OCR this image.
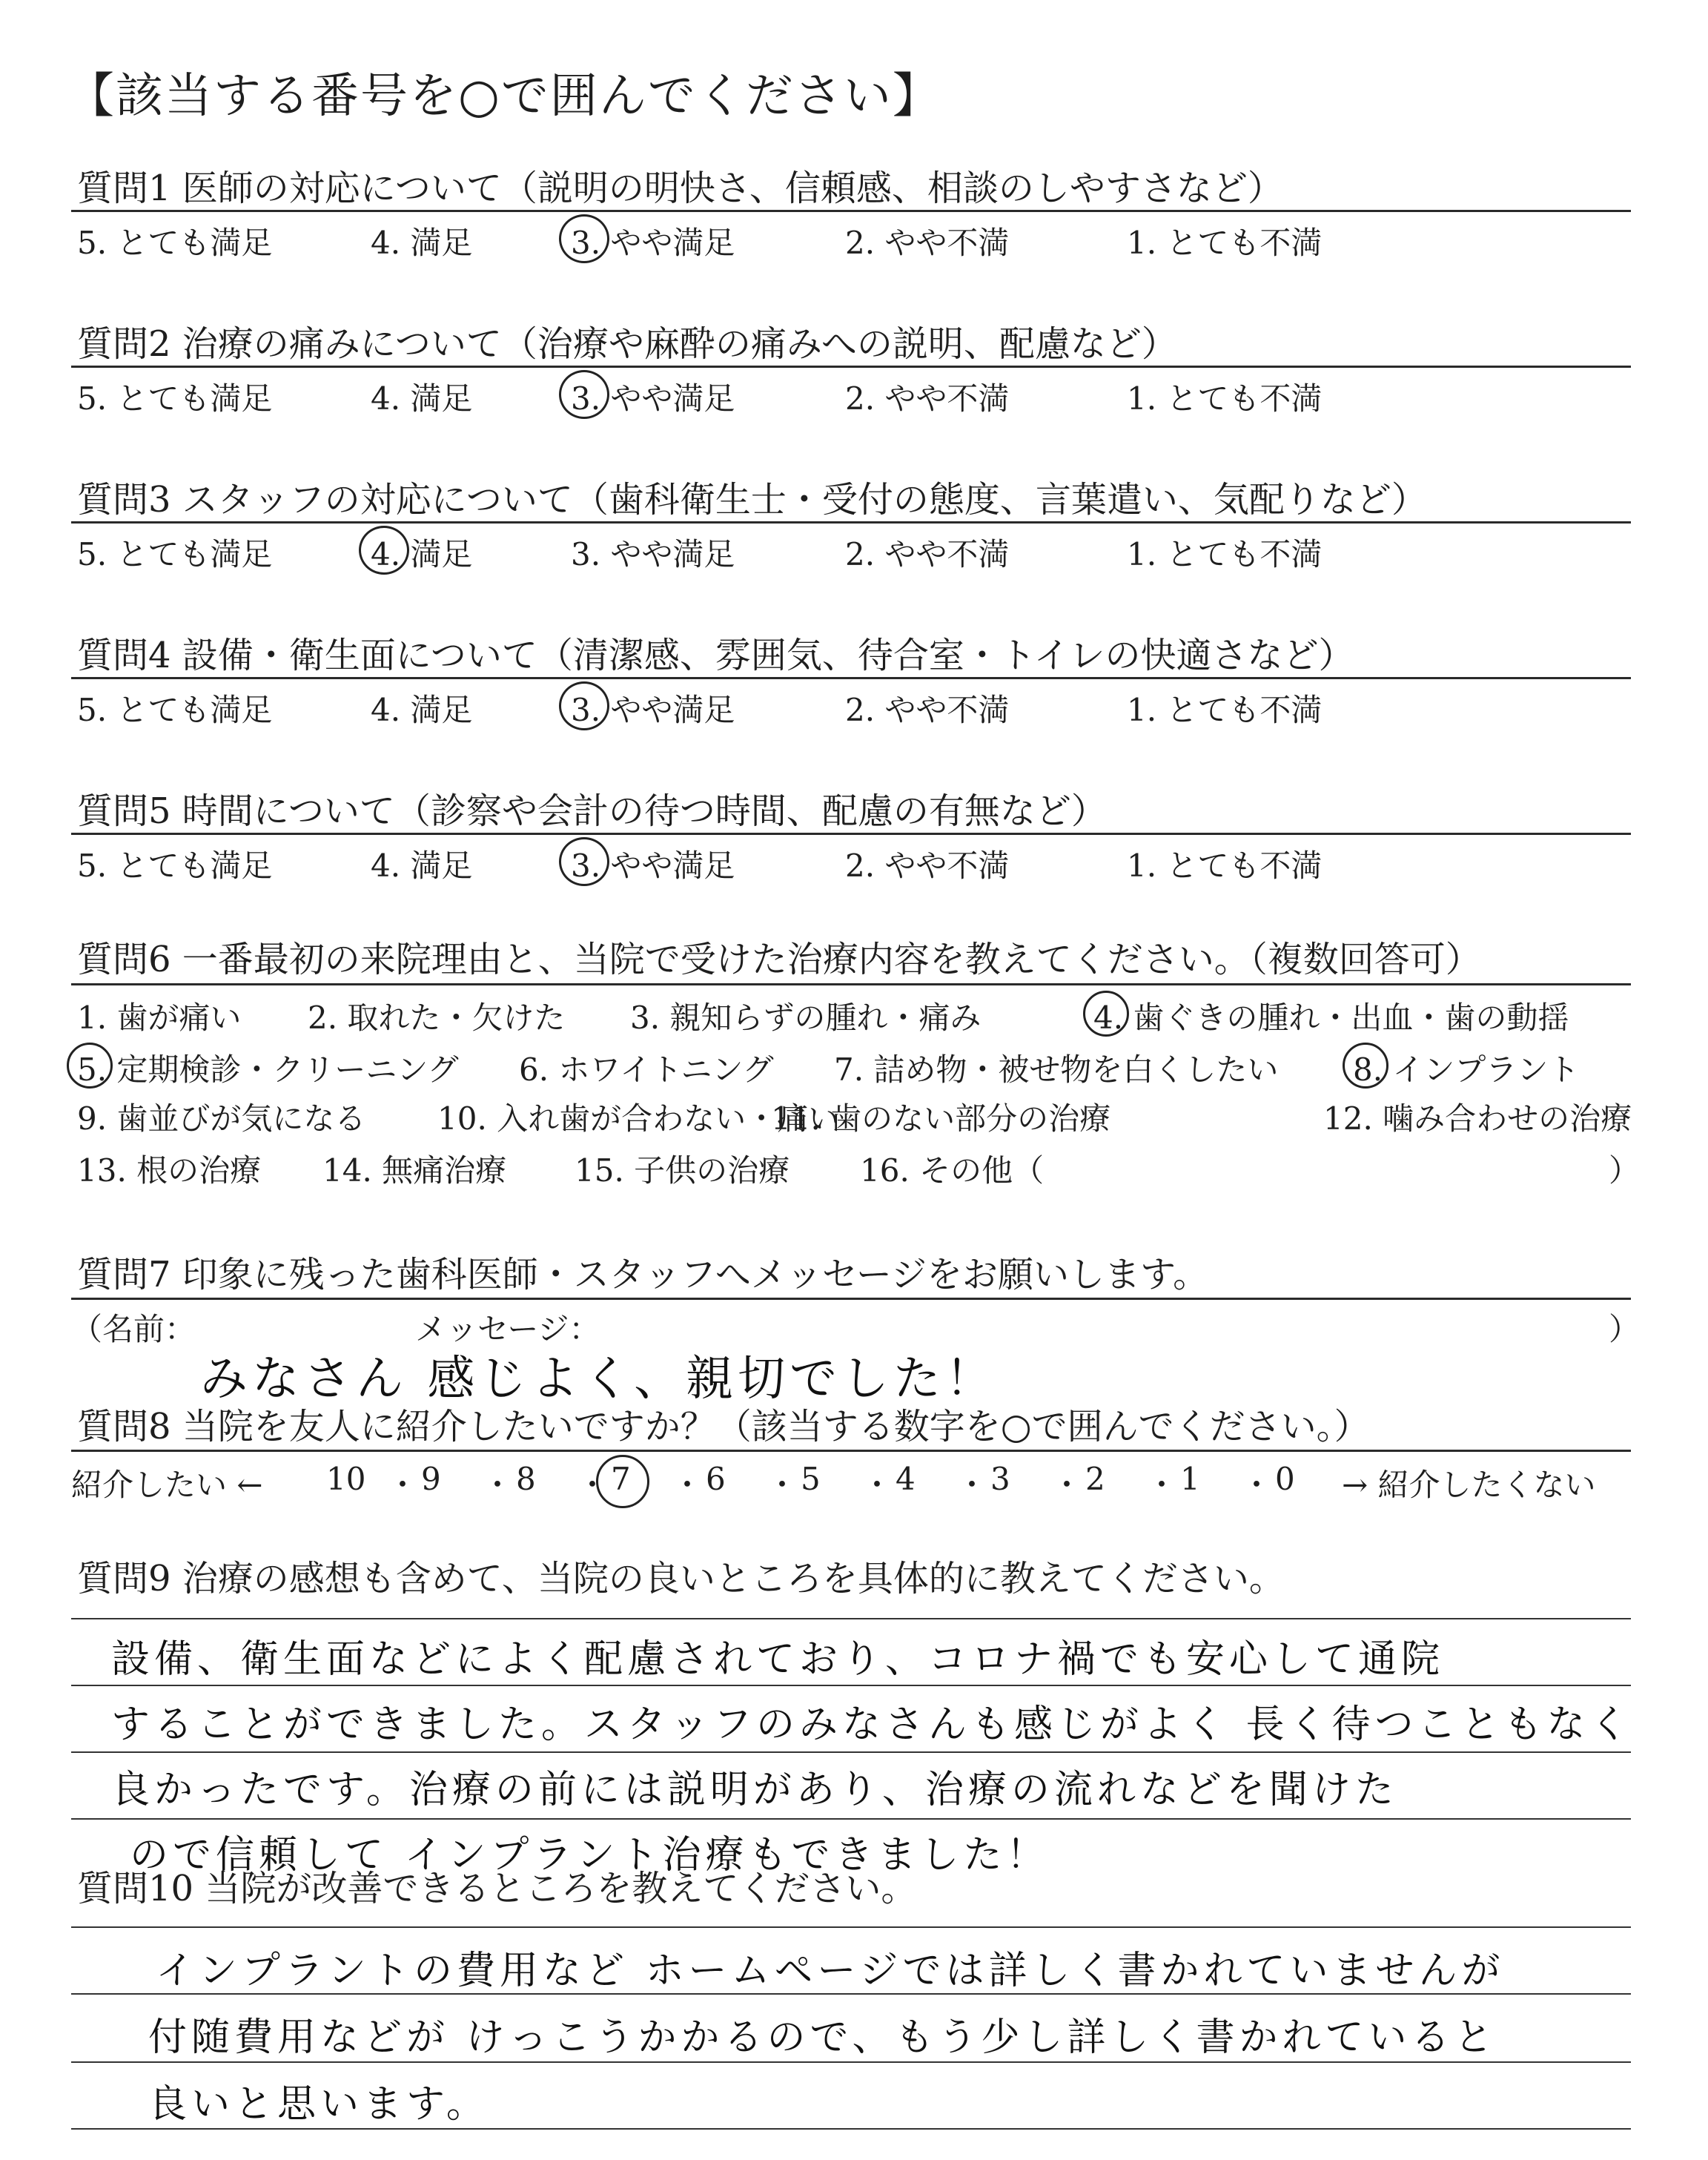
【該当する番号を○で囲んでください】
質問1 医師の対応について（説明の明快さ、信頼感、相談のしやすさなど）
5. とても満足	4. 満足	3. やや満足	2. やや不満	1. とても不満
質問2 治療の痛みについて（治療や麻酔の痛みへの説明、配慮など）
5. とても満足	4. 満足	3. やや満足	2. やや不満	1. とても不満
質問3 スタッフの対応について（歯科衛生士・受付の態度、言葉遣い、気配りなど）
5. とても満足	4. 満足	3. やや満足	2. やや不満	1. とても不満
質問4 設備・衛生面について（清潔感、雰囲気、待合室・トイレの快適さなど）
5. とても満足	4. 満足	3. やや満足	2. やや不満	1. とても不満
質問5 時間について（診察や会計の待つ時間、配慮の有無など）
5. とても満足	4. 満足	3. やや満足	2. やや不満	1. とても不満
質問6 一番最初の来院理由と、当院で受けた治療内容を教えてください。（複数回答可）
1. 歯が痛い 2. 取れた・欠けた 3. 親知らずの腫れ・痛み	4. 歯ぐきの腫れ・出血・歯の動揺
5. 定期検診・クリーニング 6. ホワイトニング 7. 詰め物・被せ物を白くしたい 8. インプラント
9. 歯並びが気になる 10. 入れ歯が合わない・痛い
11. 歯のない部分の治療	12. 噛み合わせの治療
13. 根の治療 14. 無痛治療 15. 子供の治療 16. その他（	）
質問7 印象に残った歯科医師・スタッフへメッセージをお願いします。
（名前：	メッセージ：	）
みなさん 感じよく、親切でした！
質問8 当院を友人に紹介したいですか？（該当する数字を○で囲んでください。）
紹介したい ←	→ 紹介したくない
10 ・ 9 ・ 8 ・ 7 ・ 6 ・ 5 ・ 4 ・ 3 ・ 2 ・ 1 ・ 0
質問9 治療の感想も含めて、当院の良いところを具体的に教えてください。
設備、衛生面などによく配慮されており、コロナ禍でも安心して通院
することができました。スタッフのみなさんも感じがよく 長く待つこともなく
良かったです。治療の前には説明があり、治療の流れなどを聞けた
ので信頼して インプラント治療もできました！
質問10 当院が改善できるところを教えてください。
インプラントの費用など ホームページでは詳しく書かれていませんが
付随費用などが けっこうかかるので、もう少し詳しく書かれていると
良いと思います。
